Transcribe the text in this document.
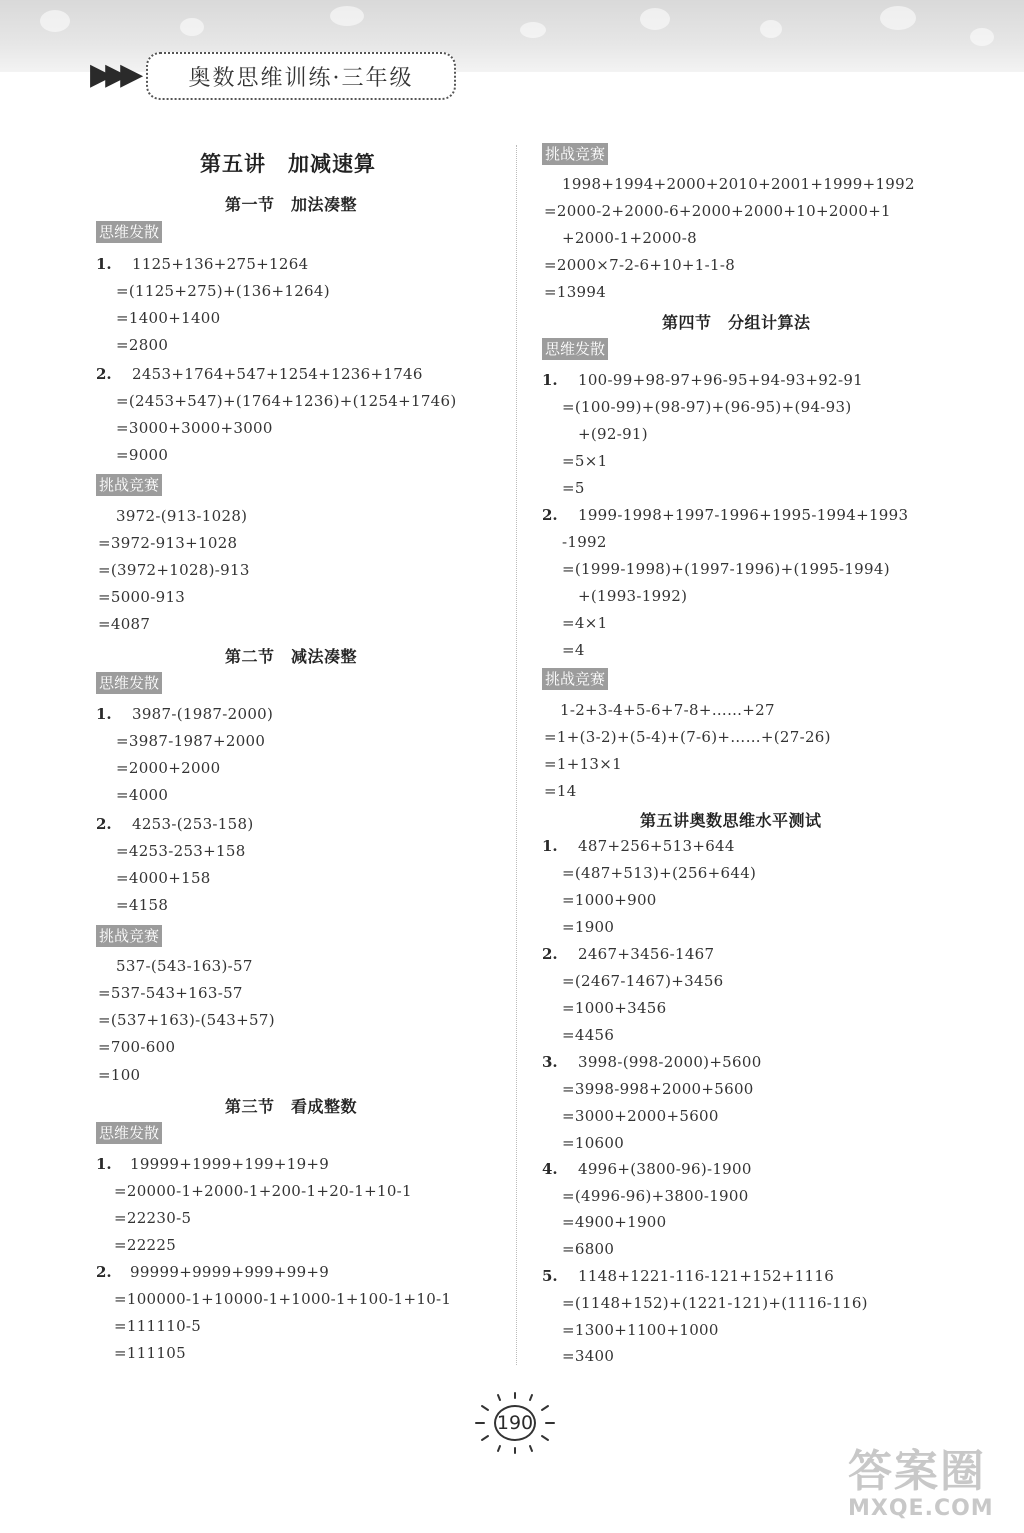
▶▶▶	奥数思维训练·三年级
第五讲　加减速算
第一节　加法凑整
思维发散
1. 1125+136+275+1264
=(1125+275)+(136+1264)
=1400+1400
=2800
2. 2453+1764+547+1254+1236+1746
=(2453+547)+(1764+1236)+(1254+1746)
=3000+3000+3000
=9000
挑战竞赛
3972-(913-1028)
=3972-913+1028
=(3972+1028)-913
=5000-913
=4087
第二节　减法凑整
思维发散
1. 3987-(1987-2000)
=3987-1987+2000
=2000+2000
=4000
2. 4253-(253-158)
=4253-253+158
=4000+158
=4158
挑战竞赛
537-(543-163)-57
=537-543+163-57
=(537+163)-(543+57)
=700-600
=100
第三节　看成整数
思维发散
1. 19999+1999+199+19+9
=20000-1+2000-1+200-1+20-1+10-1
=22230-5
=22225
2. 99999+9999+999+99+9
=100000-1+10000-1+1000-1+100-1+10-1
=111110-5
=111105
挑战竞赛
1998+1994+2000+2010+2001+1999+1992
=2000-2+2000-6+2000+2000+10+2000+1
+2000-1+2000-8
=2000×7-2-6+10+1-1-8
=13994
第四节　分组计算法
思维发散
1. 100-99+98-97+96-95+94-93+92-91
=(100-99)+(98-97)+(96-95)+(94-93)
+(92-91)
=5×1
=5
2. 1999-1998+1997-1996+1995-1994+1993
-1992
=(1999-1998)+(1997-1996)+(1995-1994)
+(1993-1992)
=4×1
=4
挑战竞赛
1-2+3-4+5-6+7-8+……+27
=1+(3-2)+(5-4)+(7-6)+……+(27-26)
=1+13×1
=14
第五讲奥数思维水平测试
1. 487+256+513+644
=(487+513)+(256+644)
=1000+900
=1900
2. 2467+3456-1467
=(2467-1467)+3456
=1000+3456
=4456
3. 3998-(998-2000)+5600
=3998-998+2000+5600
=3000+2000+5600
=10600
4. 4996+(3800-96)-1900
=(4996-96)+3800-1900
=4900+1900
=6800
5. 1148+1221-116-121+152+1116
=(1148+152)+(1221-121)+(1116-116)
=1300+1100+1000
=3400
190
答案圈
MXQE.COM
